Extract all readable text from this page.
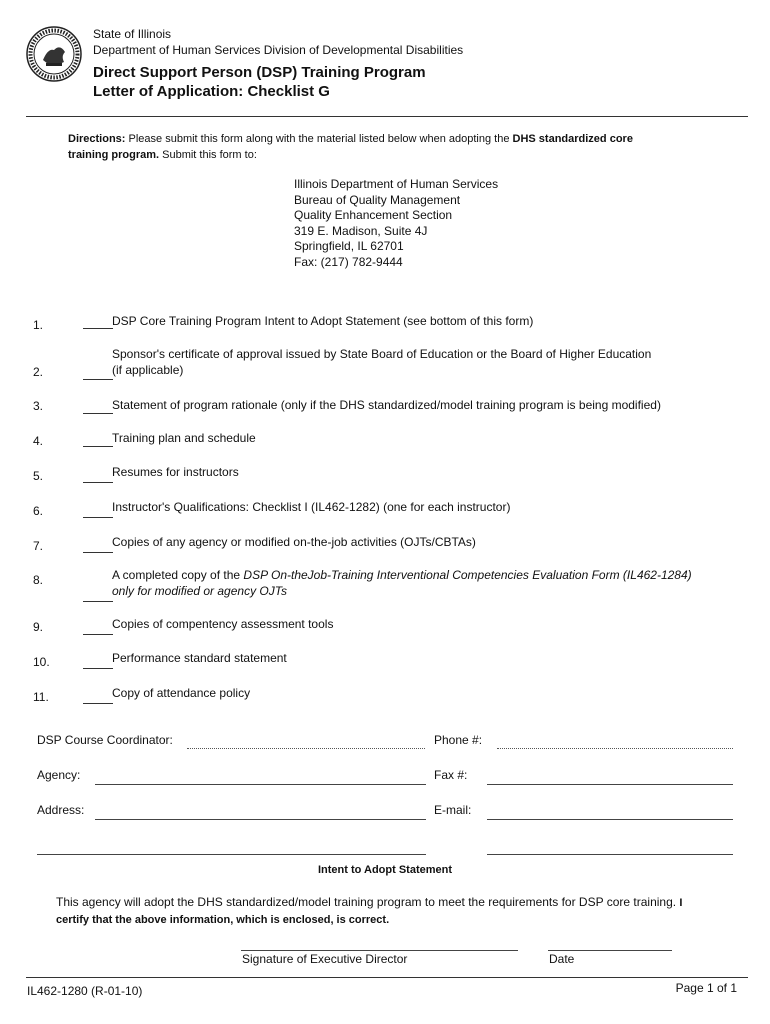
State of Illinois
Department of Human Services Division of Developmental Disabilities
Direct Support Person (DSP) Training Program
Letter of Application: Checklist G
Directions: Please submit this form along with the material listed below when adopting the DHS standardized core training program. Submit this form to:
Illinois Department of Human Services
Bureau of Quality Management
Quality Enhancement Section
319 E. Madison, Suite 4J
Springfield, IL 62701
Fax: (217) 782-9444
1.	DSP Core Training Program Intent to Adopt Statement (see bottom of this form)
2.
Sponsor's certificate of approval issued by State Board of Education or the Board of Higher Education
(if applicable)
3.	Statement of program rationale (only if the DHS standardized/model training program is being modified)
4.	Training plan and schedule
5.	Resumes for instructors
6.	Instructor's Qualifications: Checklist I (IL462-1282) (one for each instructor)
7.	Copies of any agency or modified on-the-job activities (OJTs/CBTAs)
8.	A completed copy of the DSP On-theJob-Training Interventional Competencies Evaluation Form (IL462-1284)
only for modified or agency OJTs
9.	Copies of compentency assessment tools
10.	Performance standard statement
11.	Copy of attendance policy
DSP Course Coordinator:	Phone #:
Agency:	Fax #:
Address:	E-mail:
Intent to Adopt Statement
This agency will adopt the DHS standardized/model training program to meet the requirements for DSP core training. I certify that the above information, which is enclosed, is correct.
Signature of Executive Director	Date
IL462-1280 (R-01-10)	Page 1 of 1
